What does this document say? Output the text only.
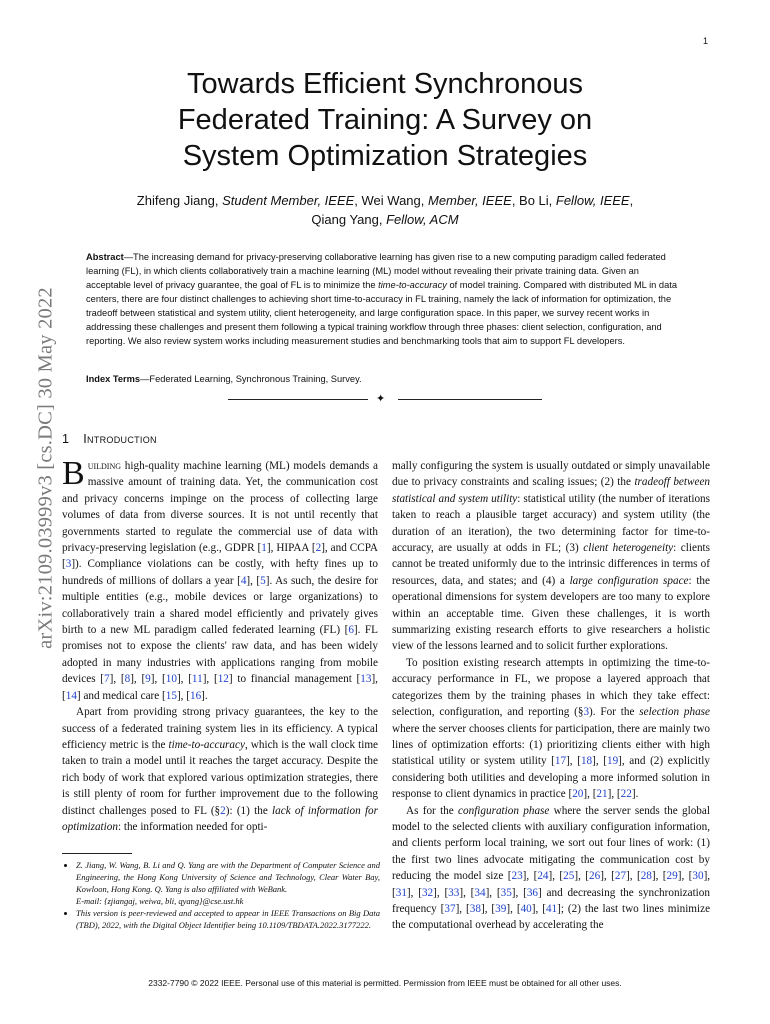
1
arXiv:2109.03999v3 [cs.DC] 30 May 2022
Towards Efficient Synchronous
Federated Training: A Survey on
System Optimization Strategies
Zhifeng Jiang, Student Member, IEEE, Wei Wang, Member, IEEE, Bo Li, Fellow, IEEE,
Qiang Yang, Fellow, ACM
Abstract—The increasing demand for privacy-preserving collaborative learning has given rise to a new computing paradigm called federated learning (FL), in which clients collaboratively train a machine learning (ML) model without revealing their private training data. Given an acceptable level of privacy guarantee, the goal of FL is to minimize the time-to-accuracy of model training. Compared with distributed ML in data centers, there are four distinct challenges to achieving short time-to-accuracy in FL training, namely the lack of information for optimization, the tradeoff between statistical and system utility, client heterogeneity, and large configuration space. In this paper, we survey recent works in addressing these challenges and present them following a typical training workflow through three phases: client selection, configuration, and reporting. We also review system works including measurement studies and benchmarking tools that aim to support FL developers.
Index Terms—Federated Learning, Synchronous Training, Survey.
✦
1 Introduction

Building high-quality machine learning (ML) models demands a massive amount of training data. Yet, the communication cost and privacy concerns impinge on the process of collecting large volumes of data from diverse sources. It is not until recently that governments started to regulate the commercial use of data with privacy-preserving legislation (e.g., GDPR [1], HIPAA [2], and CCPA [3]). Compliance violations can be costly, with hefty fines up to hundreds of millions of dollars a year [4], [5]. As such, the desire for multiple entities (e.g., mobile devices or large organizations) to collaboratively train a shared model efficiently and privately gives birth to a new ML paradigm called federated learning (FL) [6]. FL promises not to expose the clients' raw data, and has been widely adopted in many industries with applications ranging from mobile devices [7], [8], [9], [10], [11], [12] to financial management [13], [14] and medical care [15], [16].

Apart from providing strong privacy guarantees, the key to the success of a federated training system lies in its efficiency. A typical efficiency metric is the time-to-accuracy, which is the wall clock time taken to train a model until it reaches the target accuracy. Despite the rich body of work that explored various optimization strategies, there is still plenty of room for further improvement due to the following distinct challenges posed to FL (§2): (1) the lack of information for optimization: the information needed for opti-

mally configuring the system is usually outdated or simply unavailable due to privacy constraints and scaling issues; (2) the tradeoff between statistical and system utility: statistical utility (the number of iterations taken to reach a plausible target accuracy) and system utility (the duration of an iteration), the two determining factor for time-to-accuracy, are usually at odds in FL; (3) client heterogeneity: clients cannot be treated uniformly due to the intrinsic differences in terms of resources, data, and states; and (4) a large configuration space: the operational dimensions for system developers are too many to explore within an acceptable time. Given these challenges, it is worth summarizing existing research efforts to give researchers a holistic view of the lessons learned and to solicit further explorations.

To position existing research attempts in optimizing the time-to-accuracy performance in FL, we propose a layered approach that categorizes them by the training phases in which they take effect: selection, configuration, and reporting (§3). For the selection phase where the server chooses clients for participation, there are mainly two lines of optimization efforts: (1) prioritizing clients either with high statistical utility or system utility [17], [18], [19], and (2) explicitly considering both utilities and developing a more informed solution in response to client dynamics in practice [20], [21], [22].

As for the configuration phase where the server sends the global model to the selected clients with auxiliary configuration information, and clients perform local training, we sort out four lines of work: (1) the first two lines advocate mitigating the communication cost by reducing the model size [23], [24], [25], [26], [27], [28], [29], [30], [31], [32], [33], [34], [35], [36] and decreasing the synchronization frequency [37], [38], [39], [40], [41]; (2) the last two lines minimize the computational overhead by accelerating the

• Z. Jiang, W. Wang, B. Li and Q. Yang are with the Department of Computer Science and Engineering, the Hong Kong University of Science and Technology, Clear Water Bay, Kowloon, Hong Kong. Q. Yang is also affiliated with WeBank.
E-mail: {zjiangaj, weiwa, bli, qyang}@cse.ust.hk
• This version is peer-reviewed and accepted to appear in IEEE Transactions on Big Data (TBD), 2022, with the Digital Object Identifier being 10.1109/TBDATA.2022.3177222.
2332-7790 © 2022 IEEE. Personal use of this material is permitted. Permission from IEEE must be obtained for all other uses.
